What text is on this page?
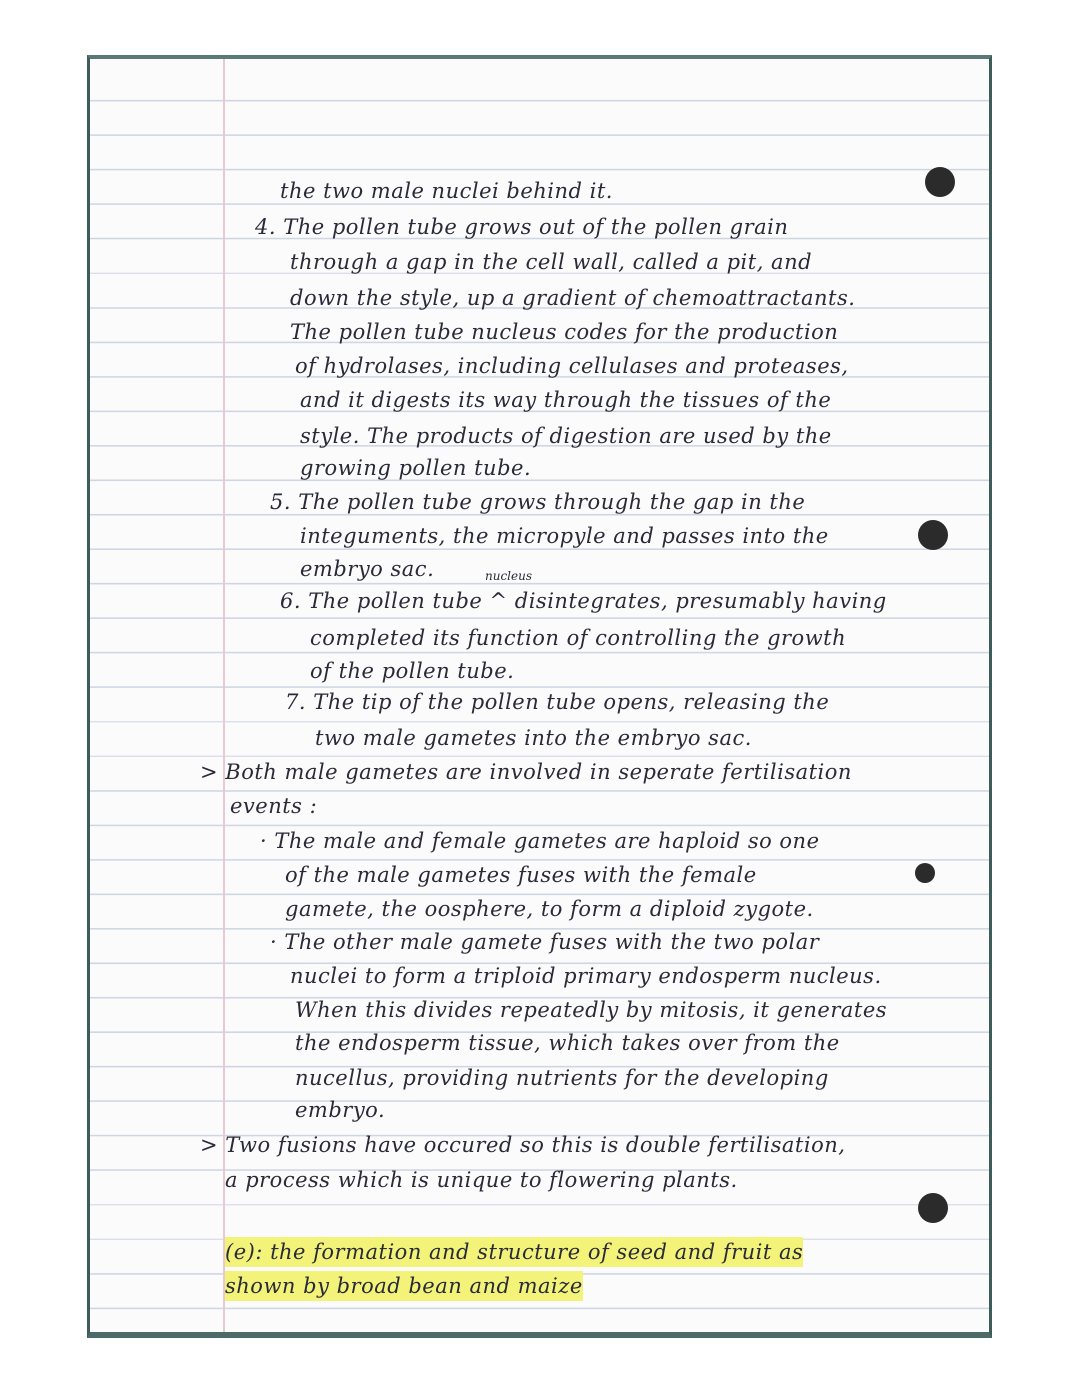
the two male nuclei behind it.
4. The pollen tube grows out of the pollen grain
through a gap in the cell wall, called a pit, and
down the style, up a gradient of chemoattractants.
The pollen tube nucleus codes for the production
of hydrolases, including cellulases and proteases,
and it digests its way through the tissues of the
style. The products of digestion are used by the
growing pollen tube.
5. The pollen tube grows through the gap in the
integuments, the micropyle and passes into the
embryo sac.	nucleus
6. The pollen tube ^ disintegrates, presumably having
completed its function of controlling the growth
of the pollen tube.
7. The tip of the pollen tube opens, releasing the
two male gametes into the embryo sac.
> Both male gametes are involved in seperate fertilisation
events :
· The male and female gametes are haploid so one
of the male gametes fuses with the female
gamete, the oosphere, to form a diploid zygote.
· The other male gamete fuses with the two polar
nuclei to form a triploid primary endosperm nucleus.
When this divides repeatedly by mitosis, it generates
the endosperm tissue, which takes over from the
nucellus, providing nutrients for the developing
embryo.
> Two fusions have occured so this is double fertilisation,
a process which is unique to flowering plants.
(e): the formation and structure of seed and fruit as
shown by broad bean and maize
